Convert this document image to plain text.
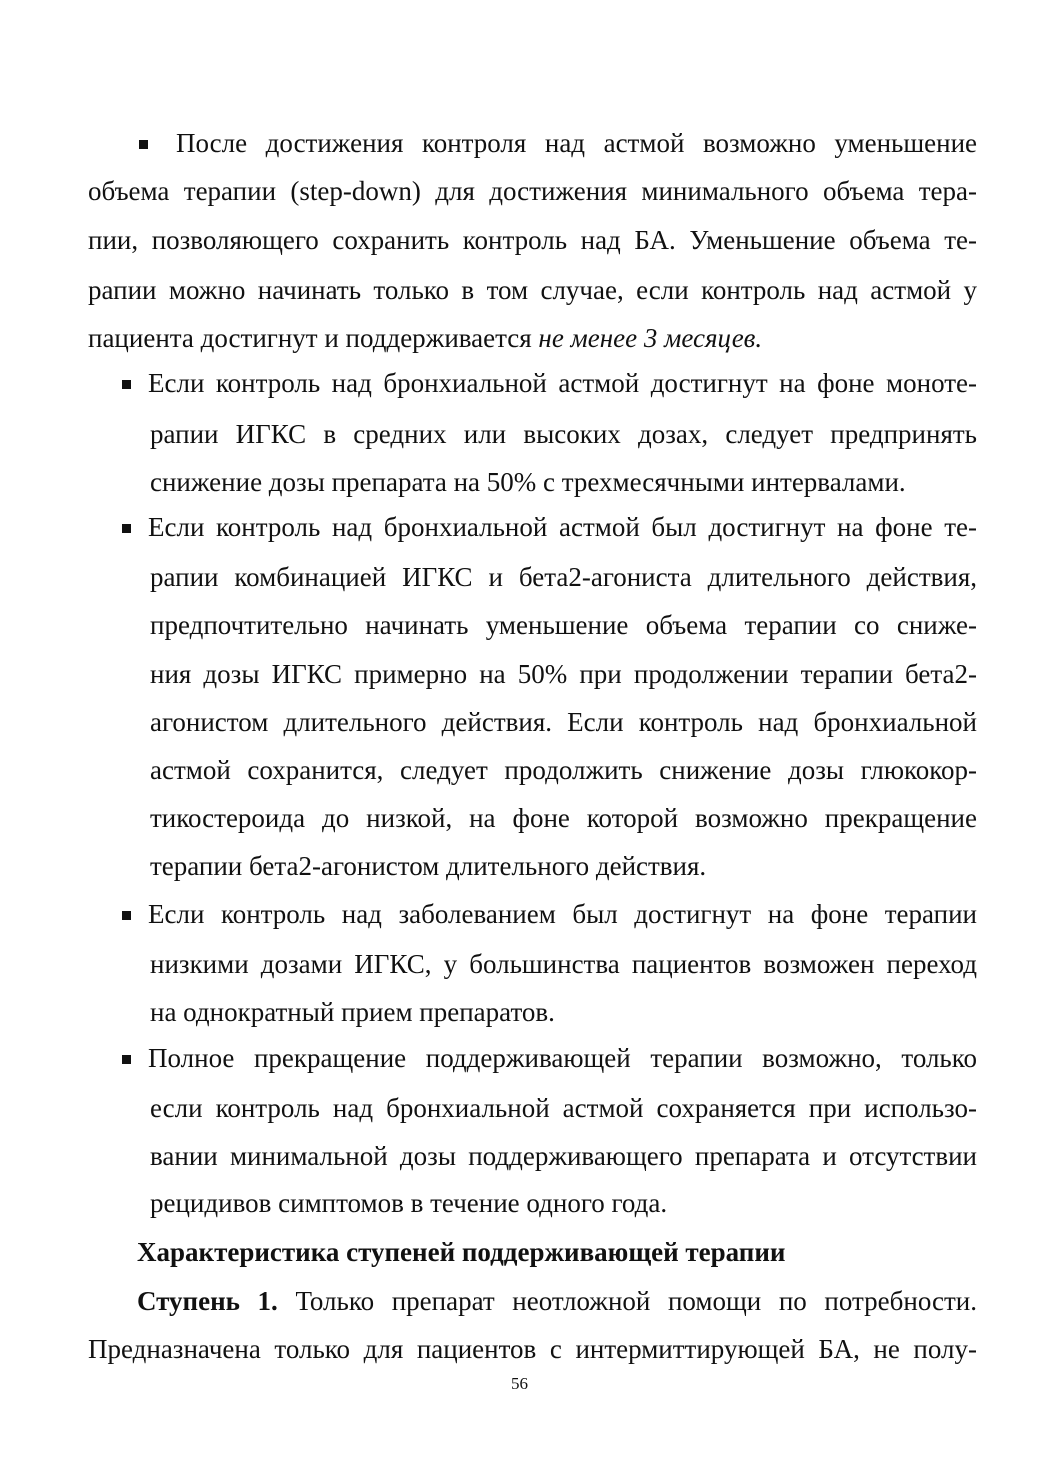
После достижения контроля над астмой возможно уменьшение
объема терапии (step-down) для достижения минимального объема тера-
пии, позволяющего сохранить контроль над БА. Уменьшение объема те-
рапии можно начинать только в том случае, если контроль над астмой у
пациента достигнут и поддерживается не менее 3 месяцев.
Если контроль над бронхиальной астмой достигнут на фоне моноте-
рапии ИГКС в средних или высоких дозах, следует предпринять
снижение дозы препарата на 50% с трехмесячными интервалами.
Если контроль над бронхиальной астмой был достигнут на фоне те-
рапии комбинацией ИГКС и бета2-агониста длительного действия,
предпочтительно начинать уменьшение объема терапии со сниже-
ния дозы ИГКС примерно на 50% при продолжении терапии бета2-
агонистом длительного действия. Если контроль над бронхиальной
астмой сохранится, следует продолжить снижение дозы глюкокор-
тикостероида до низкой, на фоне которой возможно прекращение
терапии бета2-агонистом длительного действия.
Если контроль над заболеванием был достигнут на фоне терапии
низкими дозами ИГКС, у большинства пациентов возможен переход
на однократный прием препаратов.
Полное прекращение поддерживающей терапии возможно, только
если контроль над бронхиальной астмой сохраняется при использо-
вании минимальной дозы поддерживающего препарата и отсутствии
рецидивов симптомов в течение одного года.
Характеристика ступеней поддерживающей терапии
Ступень 1. Только препарат неотложной помощи по потребности.
Предназначена только для пациентов с интермиттирующей БА, не полу-
56
